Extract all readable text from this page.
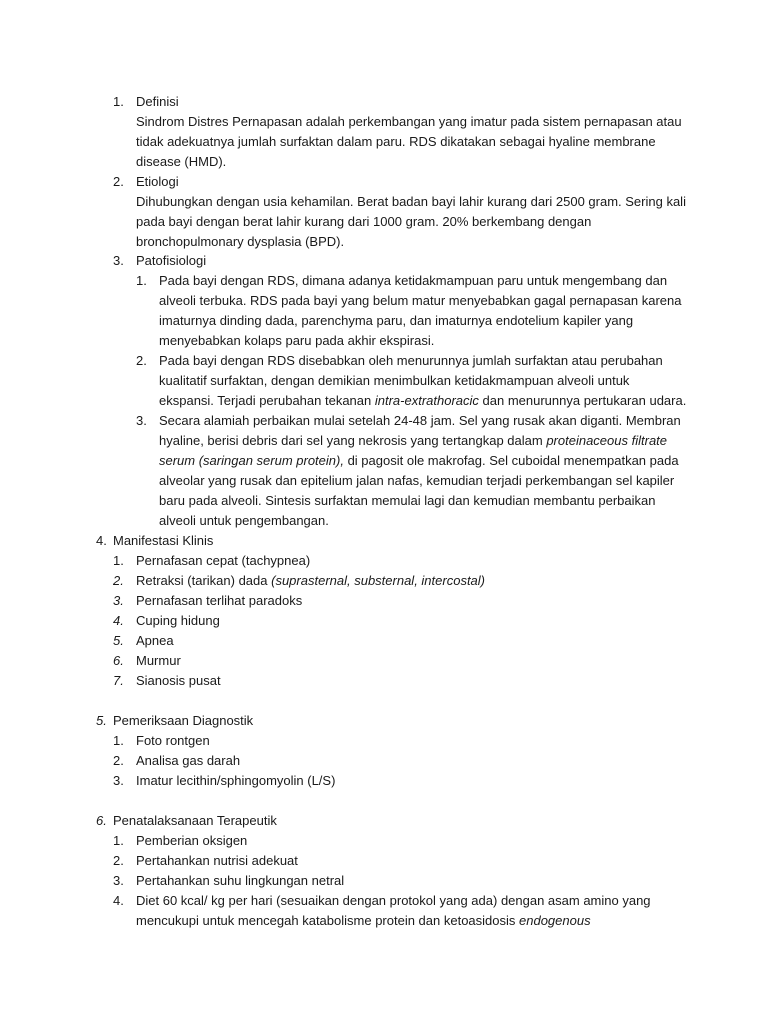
1. Definisi
Sindrom Distres Pernapasan adalah perkembangan yang imatur pada sistem pernapasan atau
tidak adekuatnya jumlah surfaktan dalam paru. RDS dikatakan sebagai hyaline membrane
disease (HMD).
2. Etiologi
Dihubungkan dengan usia kehamilan. Berat badan bayi lahir kurang dari 2500 gram. Sering kali
pada bayi dengan berat lahir kurang dari 1000 gram. 20% berkembang dengan
bronchopulmonary dysplasia (BPD).
3. Patofisiologi
1. Pada bayi dengan RDS, dimana adanya ketidakmampuan paru untuk mengembang dan
alveoli terbuka. RDS pada bayi yang belum matur menyebabkan gagal pernapasan karena
imaturnya dinding dada, parenchyma paru, dan imaturnya endotelium kapiler yang
menyebabkan kolaps paru pada akhir ekspirasi.
2. Pada bayi dengan RDS disebabkan oleh menurunnya jumlah surfaktan atau perubahan
kualitatif surfaktan, dengan demikian menimbulkan ketidakmampuan alveoli untuk
ekspansi. Terjadi perubahan tekanan intra-extrathoracic dan menurunnya pertukaran udara.
3. Secara alamiah perbaikan mulai setelah 24-48 jam. Sel yang rusak akan diganti. Membran
hyaline, berisi debris dari sel yang nekrosis yang tertangkap dalam proteinaceous filtrate
serum (saringan serum protein), di pagosit ole makrofag. Sel cuboidal menempatkan pada
alveolar yang rusak dan epitelium jalan nafas, kemudian terjadi perkembangan sel kapiler
baru pada alveoli. Sintesis surfaktan memulai lagi dan kemudian membantu perbaikan
alveoli untuk pengembangan.
4. Manifestasi Klinis
1. Pernafasan cepat (tachypnea)
2. Retraksi (tarikan) dada (suprasternal, substernal, intercostal)
3. Pernafasan terlihat paradoks
4. Cuping hidung
5. Apnea
6. Murmur
7. Sianosis pusat
5. Pemeriksaan Diagnostik
1. Foto rontgen
2. Analisa gas darah
3. Imatur lecithin/sphingomyolin (L/S)
6. Penatalaksanaan Terapeutik
1. Pemberian oksigen
2. Pertahankan nutrisi adekuat
3. Pertahankan suhu lingkungan netral
4. Diet 60 kcal/ kg per hari (sesuaikan dengan protokol yang ada) dengan asam amino yang
mencukupi untuk mencegah katabolisme protein dan ketoasidosis endogenous
